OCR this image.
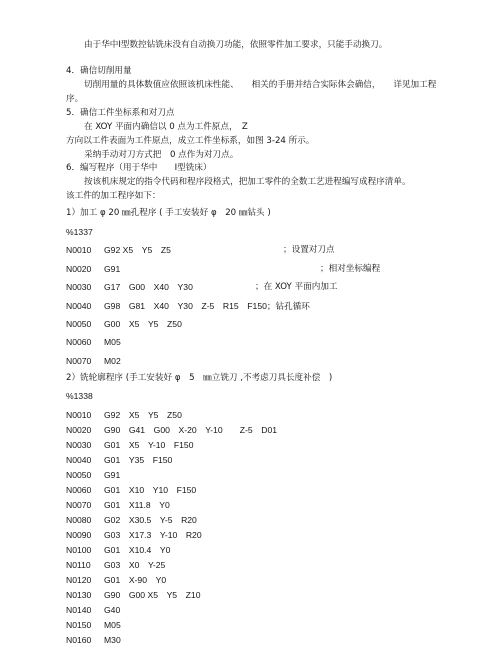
由于华中Ⅰ型数控钻铣床没有自动换刀功能，依照零件加工要求，只能手动换刀。
4．确信切削用量
切削用量的具体数值应依照该机床性能、　　相关的手册并结合实际体会确信，　　详见加工程
序。
5．确信工件坐标系和对刀点
在 XOY 平面内确信以 0 点为工件原点，　Z
方向以工件表面为工件原点，成立工件坐标系，如图 3-24 所示。
采纳手动对刀方式把　0 点作为对刀点。
6．编写程序（用于华中　　Ⅰ型铣床）
按该机床规定的指令代码和程序段格式，把加工零件的全数工艺进程编写成程序清单。
该工件的加工程序如下：
1）加工 φ 20 ㎜孔程序 ( 手工安装好 φ　20 ㎜钻头 )
%1337
N0010 G92 X5　Y5　Z5	；设置对刀点
N0020 G91	；相对坐标编程
N0030 G17　G00　X40　Y30	；在 XOY 平面内加工
N0040 G98　G81　X40　Y30　Z-5　R15　F150；钻孔循环
N0050 G00　X5　Y5　Z50
N0060 M05
N0070 M02
2）铣轮廓程序 (手工安装好 φ　5　㎜立铣刀 ,不考虑刀具长度补偿　)
%1338
N0010 G92　X5　Y5　Z50
N0020 G90　G41　G00　X-20　Y-10　　Z-5　D01
N0030 G01　X5　Y-10　F150
N0040 G01　Y35　F150
N0050 G91
N0060 G01　X10　Y10　F150
N0070 G01　X11.8　Y0
N0080 G02　X30.5　Y-5　R20
N0090 G03　X17.3　Y-10　R20
N0100 G01　X10.4　Y0
N0110 G03　X0　Y-25
N0120 G01　X-90　Y0
N0130 G90　G00 X5　Y5　Z10
N0140 G40
N0150 M05
N0160 M30
